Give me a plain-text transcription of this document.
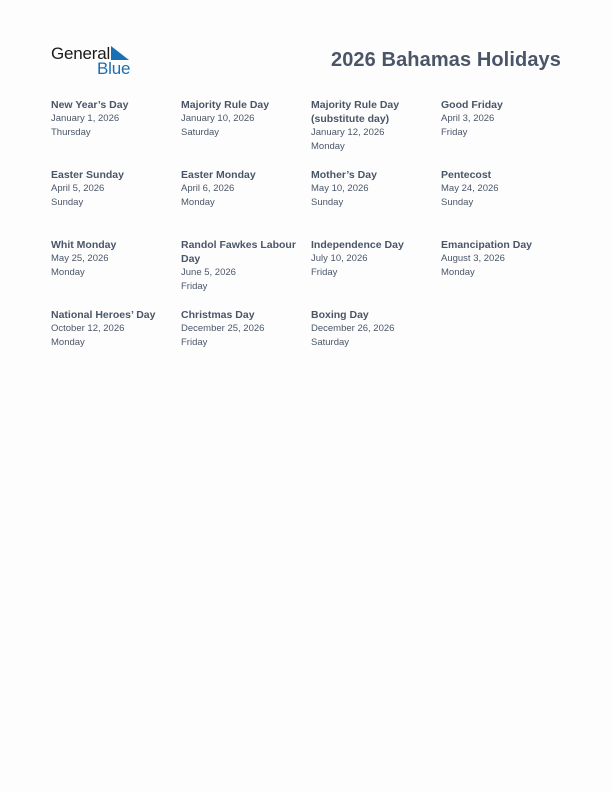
General
Blue	2026 Bahamas Holidays
New Year’s Day
January 1, 2026
Thursday
Majority Rule Day
January 10, 2026
Saturday
Majority Rule Day (substitute day)
January 12, 2026
Monday
Good Friday
April 3, 2026
Friday
Easter Sunday
April 5, 2026
Sunday
Easter Monday
April 6, 2026
Monday
Mother’s Day
May 10, 2026
Sunday
Pentecost
May 24, 2026
Sunday
Whit Monday
May 25, 2026
Monday
Randol Fawkes Labour Day
June 5, 2026
Friday
Independence Day
July 10, 2026
Friday
Emancipation Day
August 3, 2026
Monday
National Heroes’ Day
October 12, 2026
Monday
Christmas Day
December 25, 2026
Friday
Boxing Day
December 26, 2026
Saturday
